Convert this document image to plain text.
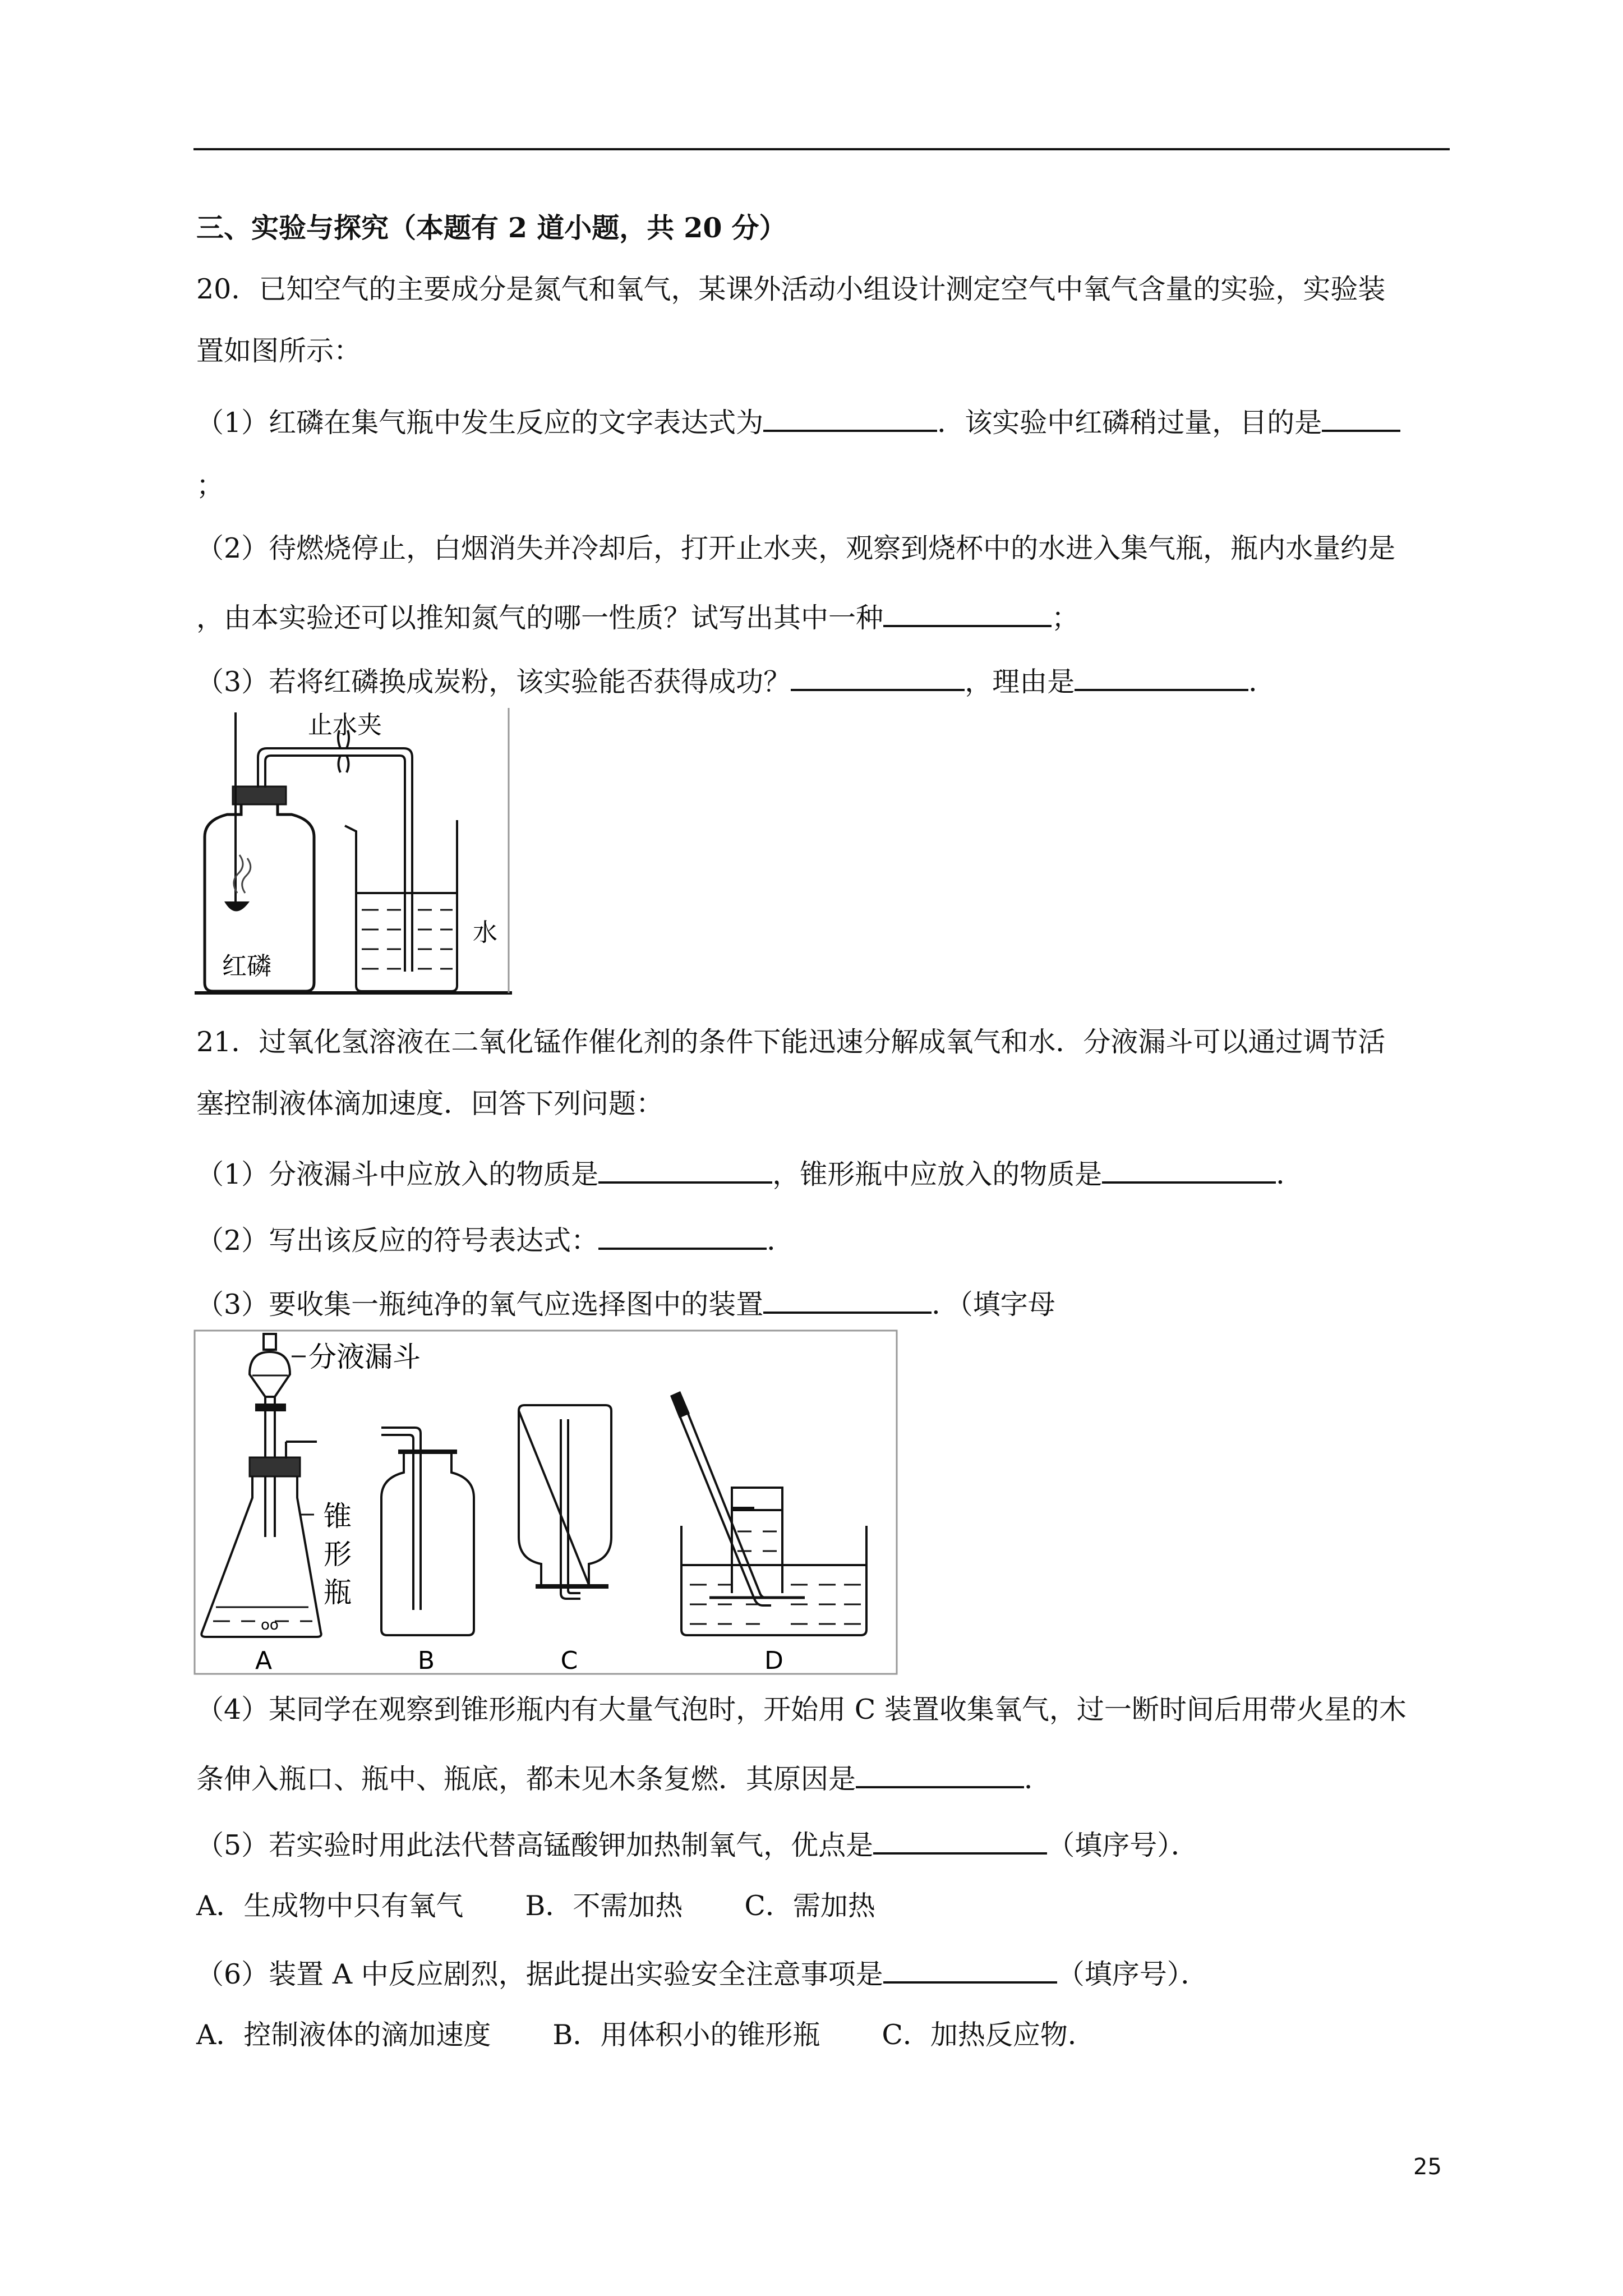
三、实验与探究（本题有 2 道小题，共 20 分）
20．已知空气的主要成分是氮气和氧气，某课外活动小组设计测定空气中氧气含量的实验，实验装
置如图所示：
（1）红磷在集气瓶中发生反应的文字表达式为	．该实验中红磷稍过量，目的是
；
（2）待燃烧停止，白烟消失并冷却后，打开止水夹，观察到烧杯中的水进入集气瓶，瓶内水量约是
，由本实验还可以推知氮气的哪一性质？试写出其中一种	；
（3）若将红磷换成炭粉，该实验能否获得成功？	，理由是	．
止水夹
水
红磷
21．过氧化氢溶液在二氧化锰作催化剂的条件下能迅速分解成氧气和水．分液漏斗可以通过调节活
塞控制液体滴加速度．回答下列问题：
（1）分液漏斗中应放入的物质是	，锥形瓶中应放入的物质是	．
（2）写出该反应的符号表达式：	．
（3）要收集一瓶纯净的氧气应选择图中的装置	．（填字母
oo
分液漏斗
锥
形
瓶
A	B	C	D
（4）某同学在观察到锥形瓶内有大量气泡时，开始用 C 装置收集氧气，过一断时间后用带火星的木
条伸入瓶口、瓶中、瓶底，都未见木条复燃．其原因是	．
（5）若实验时用此法代替高锰酸钾加热制氧气，优点是	（填序号）．
A．生成物中只有氧气 B．不需加热 C．需加热
（6）装置 A 中反应剧烈，据此提出实验安全注意事项是	（填序号）．
A．控制液体的滴加速度 B．用体积小的锥形瓶 C．加热反应物．
25
